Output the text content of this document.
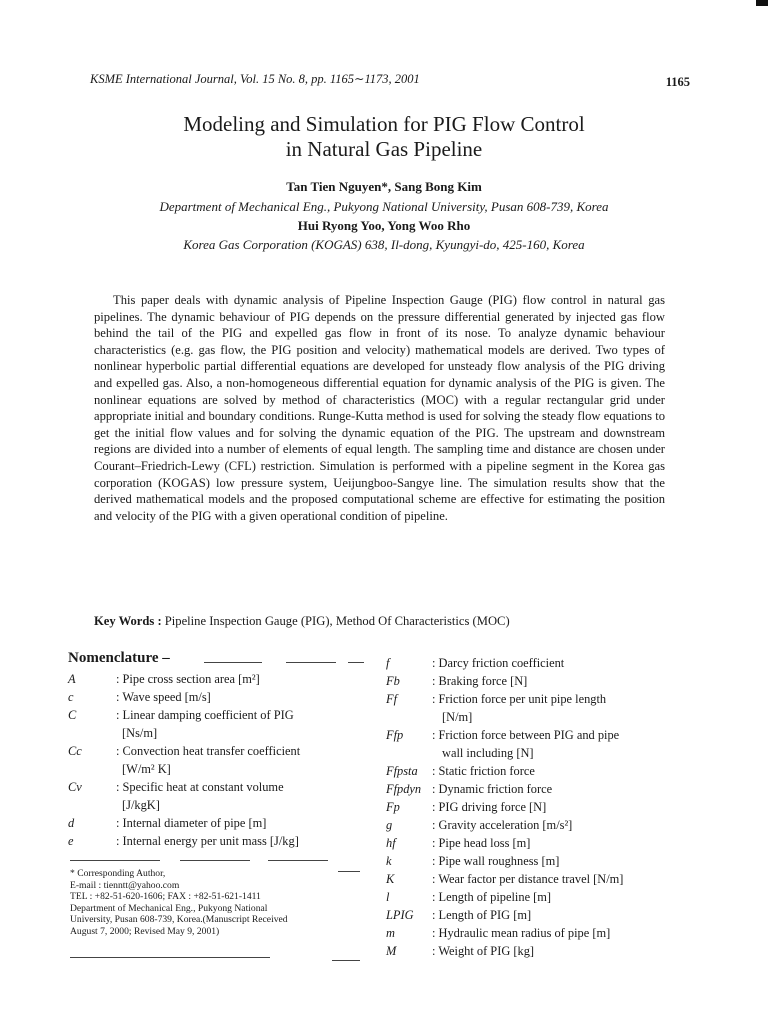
KSME International Journal, Vol. 15 No. 8, pp. 1165∼1173, 2001	1165
Modeling and Simulation for PIG Flow Control
in Natural Gas Pipeline
Tan Tien Nguyen*, Sang Bong Kim
Department of Mechanical Eng., Pukyong National University, Pusan 608-739, Korea
Hui Ryong Yoo, Yong Woo Rho
Korea Gas Corporation (KOGAS) 638, Il-dong, Kyungyi-do, 425-160, Korea

This paper deals with dynamic analysis of Pipeline Inspection Gauge (PIG) flow control in natural gas pipelines. The dynamic behaviour of PIG depends on the pressure differential generated by injected gas flow behind the tail of the PIG and expelled gas flow in front of its nose. To analyze dynamic behaviour characteristics (e.g. gas flow, the PIG position and velocity) mathematical models are derived. Two types of nonlinear hyperbolic partial differential equations are developed for unsteady flow analysis of the PIG driving and expelled gas. Also, a non-homogeneous differential equation for dynamic analysis of the PIG is given. The nonlinear equations are solved by method of characteristics (MOC) with a regular rectangular grid under appropriate initial and boundary conditions. Runge-Kutta method is used for solving the steady flow equations to get the initial flow values and for solving the dynamic equation of the PIG. The upstream and downstream regions are divided into a number of elements of equal length. The sampling time and distance are chosen under Courant–Friedrich-Lewy (CFL) restriction. Simulation is performed with a pipeline segment in the Korea gas corporation (KOGAS) low pressure system, Ueijungboo-Sangye line. The simulation results show that the derived mathematical models and the proposed computational scheme are effective for estimating the position and velocity of the PIG with a given operational condition of pipeline.

Key Words : Pipeline Inspection Gauge (PIG), Method Of Characteristics (MOC)
Nomenclature –
A	: Pipe cross section area [m²]
c	: Wave speed [m/s]
C	: Linear damping coefficient of PIG
[Ns/m]
Cc	: Convection heat transfer coefficient
[W/m² K]
Cv	: Specific heat at constant volume
[J/kgK]
d	: Internal diameter of pipe [m]
e	: Internal energy per unit mass [J/kg]
f	: Darcy friction coefficient
Fb	: Braking force [N]
Ff	: Friction force per unit pipe length
[N/m]
Ffp : Friction force between PIG and pipe
wall including [N]
Ffpsta : Static friction force
Ffpdyn : Dynamic friction force
Fp	: PIG driving force [N]
g	: Gravity acceleration [m/s²]
hf	: Pipe head loss [m]
k	: Pipe wall roughness [m]
K	: Wear factor per distance travel [N/m]
l	: Length of pipeline [m]
LPIG : Length of PIG [m]
m	: Hydraulic mean radius of pipe [m]
M	: Weight of PIG [kg]
* Corresponding Author,
E-mail : tienntt@yahoo.com
TEL : +82-51-620-1606; FAX : +82-51-621-1411
Department of Mechanical Eng., Pukyong National
University, Pusan 608-739, Korea.(Manuscript Received
August 7, 2000; Revised May 9, 2001)
